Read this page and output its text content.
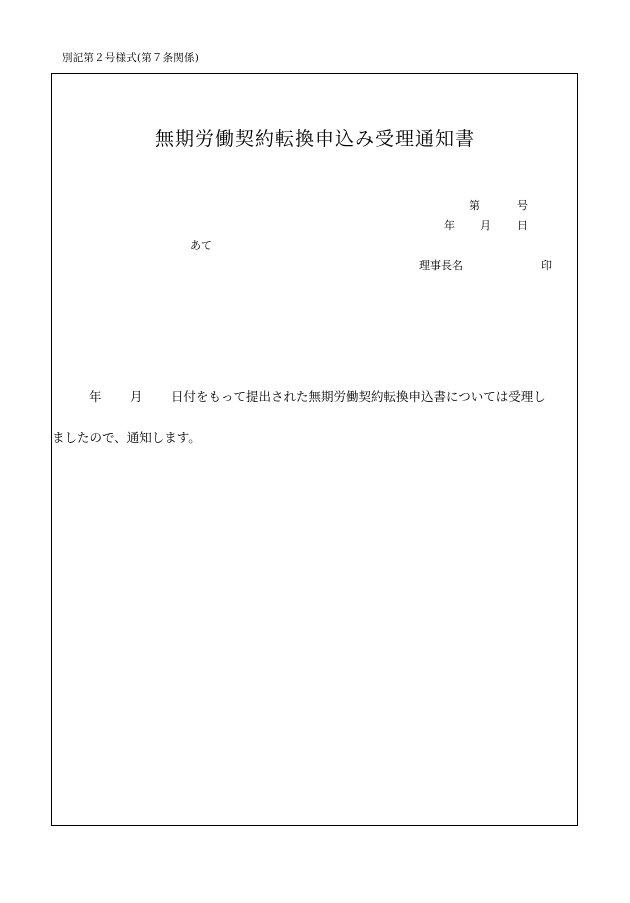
別記第２号様式(第７条関係)
無期労働契約転換申込み受理通知書
第	号
年 月 日
あて
理事長名	印
年 月 日付をもって提出された無期労働契約転換申込書については受理し
ましたので、通知します。
